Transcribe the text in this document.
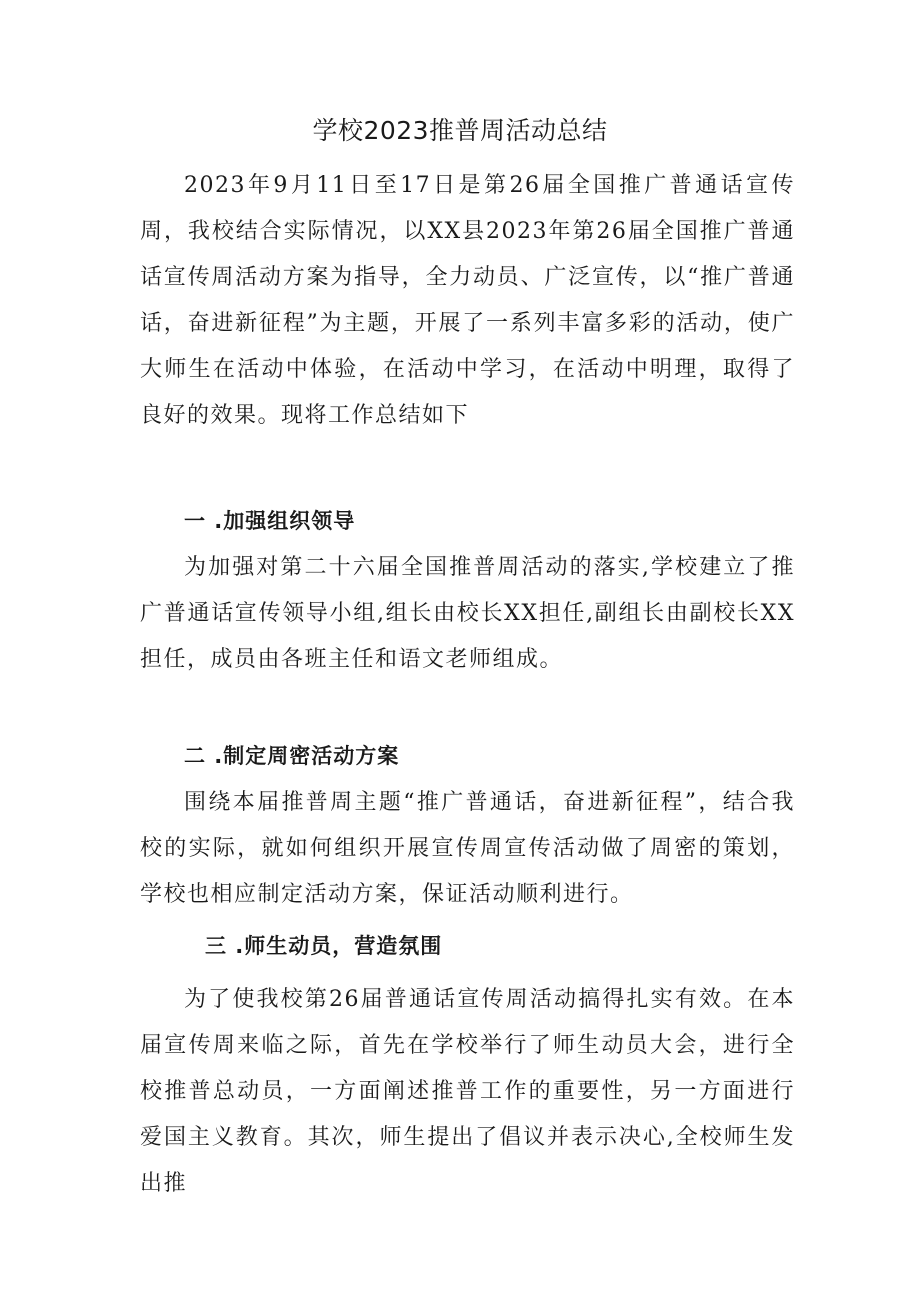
学校2023推普周活动总结
2023年9月11日至17日是第26届全国推广普通话宣传周，我校结合实际情况，以XX县2023年第26届全国推广普通话宣传周活动方案为指导，全力动员、广泛宣传，以“推广普通话，奋进新征程”为主题，开展了一系列丰富多彩的活动，使广大师生在活动中体验，在活动中学习，在活动中明理，取得了良好的效果。现将工作总结如下
一 .加强组织领导
为加强对第二十六届全国推普周活动的落实,学校建立了推广普通话宣传领导小组,组长由校长XX担任,副组长由副校长XX担任，成员由各班主任和语文老师组成。
二 .制定周密活动方案
围绕本届推普周主题“推广普通话，奋进新征程”，结合我校的实际，就如何组织开展宣传周宣传活动做了周密的策划，学校也相应制定活动方案，保证活动顺利进行。
三 .师生动员，营造氛围
为了使我校第26届普通话宣传周活动搞得扎实有效。在本届宣传周来临之际，首先在学校举行了师生动员大会，进行全校推普总动员，一方面阐述推普工作的重要性，另一方面进行爱国主义教育。其次，师生提出了倡议并表示决心,全校师生发出推
